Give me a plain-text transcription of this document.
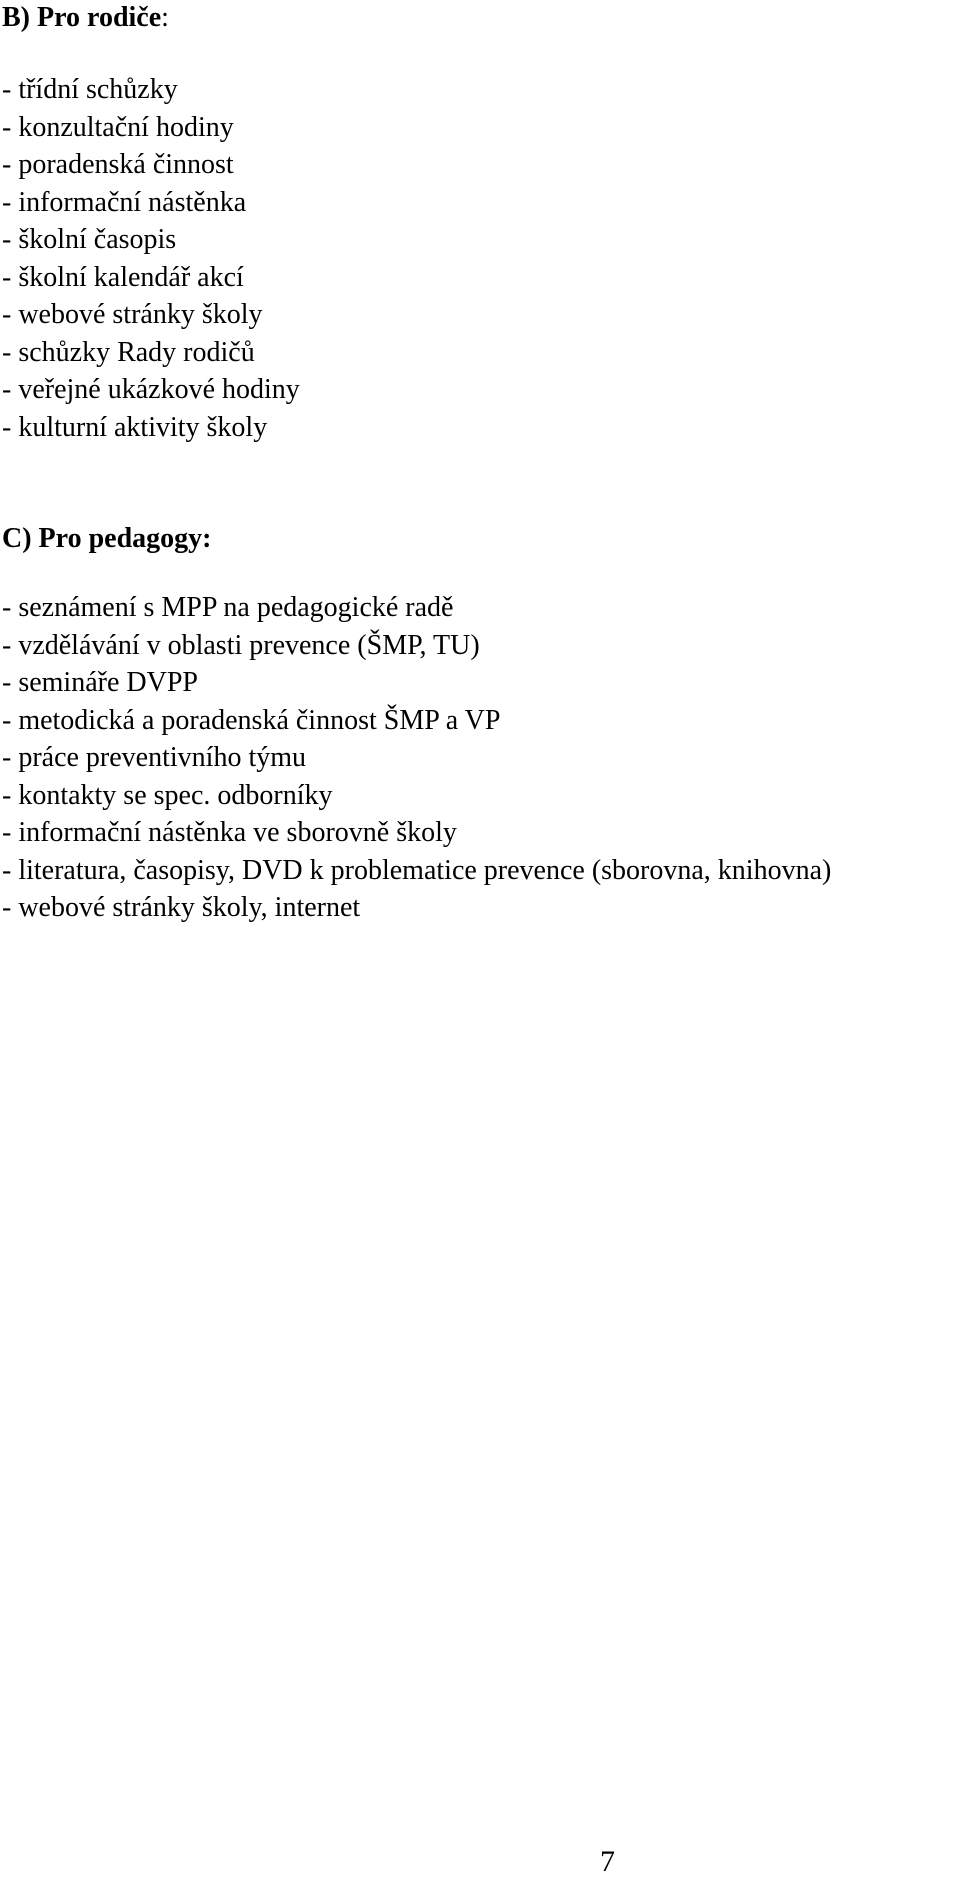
B) Pro rodiče:

- třídní schůzky
- konzultační hodiny
- poradenská činnost
- informační nástěnka
- školní časopis
- školní kalendář akcí
- webové stránky školy
- schůzky Rady rodičů
- veřejné ukázkové hodiny
- kulturní aktivity školy

C) Pro pedagogy:

- seznámení s MPP na pedagogické radě
- vzdělávání v oblasti prevence (ŠMP, TU)
- semináře DVPP
- metodická a poradenská činnost ŠMP a VP
- práce preventivního týmu
- kontakty se spec. odborníky
- informační nástěnka ve sborovně školy
- literatura, časopisy, DVD k problematice prevence (sborovna, knihovna)
- webové stránky školy, internet
7
